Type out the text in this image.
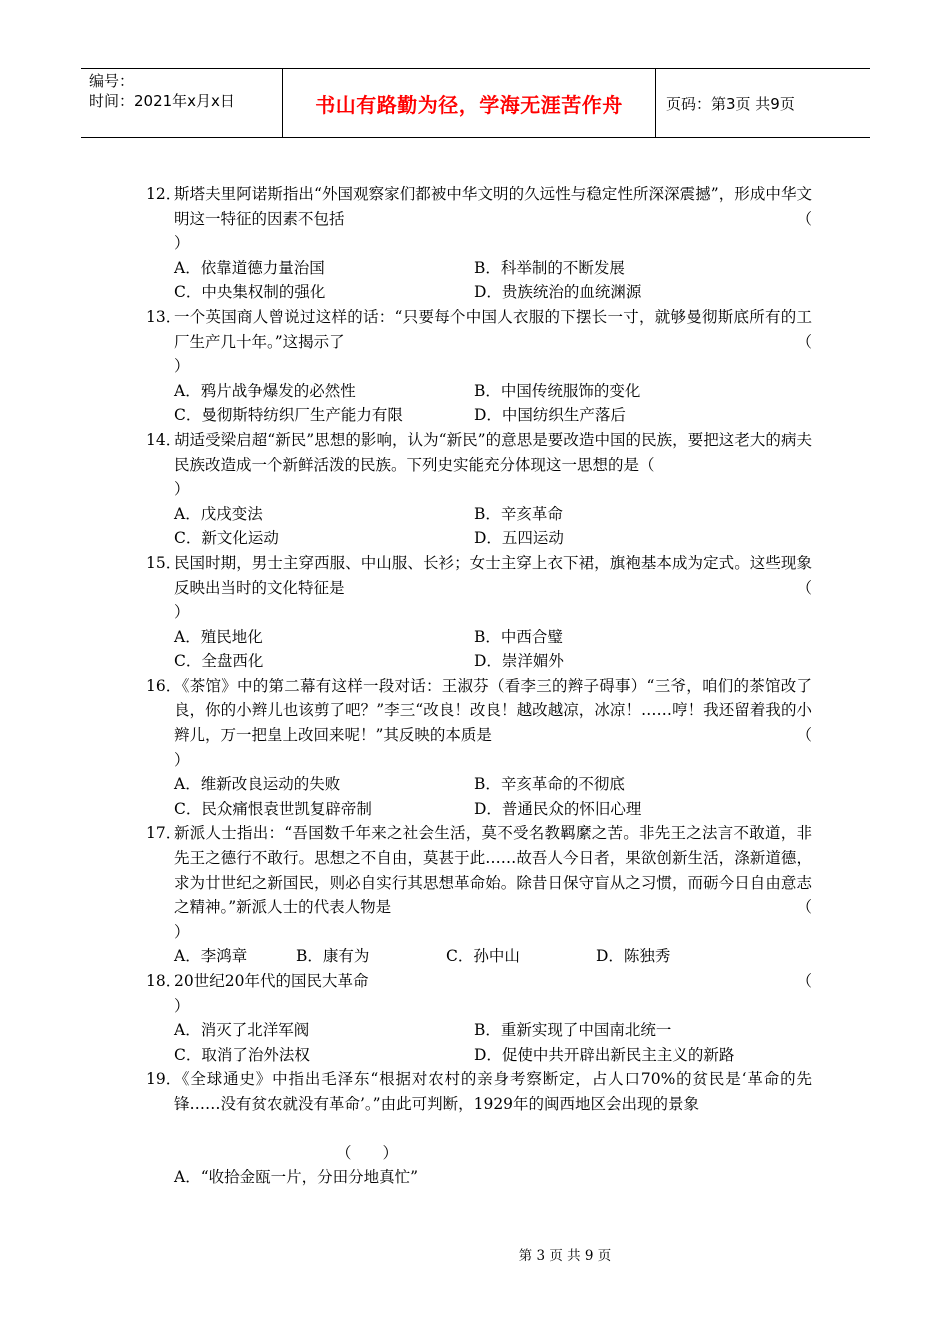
编号：
时间：2021年x月x日	书山有路勤为径，学海无涯苦作舟	页码：第3页 共9页
12．
斯塔夫里阿诺斯指出“外国观察家们都被中华文明的久远性与稳定性所深深震撼”，形成中华文明这一特征的因素不包括	（
）
A．依靠道德力量治国	B．科举制的不断发展
C．中央集权制的强化	D．贵族统治的血统渊源
13．
一个英国商人曾说过这样的话：“只要每个中国人衣服的下摆长一寸，就够曼彻斯底所有的工厂生产几十年。”这揭示了	（
）
A．鸦片战争爆发的必然性	B．中国传统服饰的变化
C．曼彻斯特纺织厂生产能力有限	D．中国纺织生产落后
14．
胡适受梁启超“新民”思想的影响，认为“新民”的意思是要改造中国的民族，要把这老大的病夫民族改造成一个新鲜活泼的民族。下列史实能充分体现这一思想的是（
）
A．戊戌变法	B．辛亥革命
C．新文化运动	D．五四运动
15．
民国时期，男士主穿西服、中山服、长衫；女士主穿上衣下裙，旗袍基本成为定式。这些现象反映出当时的文化特征是	（
）
A．殖民地化	B．中西合璧
C．全盘西化	D．崇洋媚外
16．
《茶馆》中的第二幕有这样一段对话：王淑芬（看李三的辫子碍事）“三爷，咱们的茶馆改了良，你的小辫儿也该剪了吧？”李三“改良！改良！越改越凉，冰凉！……哼！我还留着我的小辫儿，万一把皇上改回来呢！”其反映的本质是	（
）
A．维新改良运动的失败	B．辛亥革命的不彻底
C．民众痛恨袁世凯复辟帝制	D．普通民众的怀旧心理
17．
新派人士指出：“吾国数千年来之社会生活，莫不受名教羁縻之苦。非先王之法言不敢道，非先王之德行不敢行。思想之不自由，莫甚于此……故吾人今日者，果欲创新生活，涤新道德，求为廿世纪之新国民，则必自实行其思想革命始。除昔日保守盲从之习惯，而砺今日自由意志之精神。”新派人士的代表人物是	（
）
A．李鸿章	B．康有为	C．孙中山	D．陈独秀
18．
20世纪20年代的国民大革命	（
）
A．消灭了北洋军阀	B．重新实现了中国南北统一
C．取消了治外法权	D．促使中共开辟出新民主主义的新路
19．
《全球通史》中指出毛泽东“根据对农村的亲身考察断定，占人口70%的贫民是‘革命的先锋……没有贫农就没有革命’。”由此可判断，1929年的闽西地区会出现的景象
（　　）
A．“收拾金瓯一片，分田分地真忙”
第 3 页 共 9 页
